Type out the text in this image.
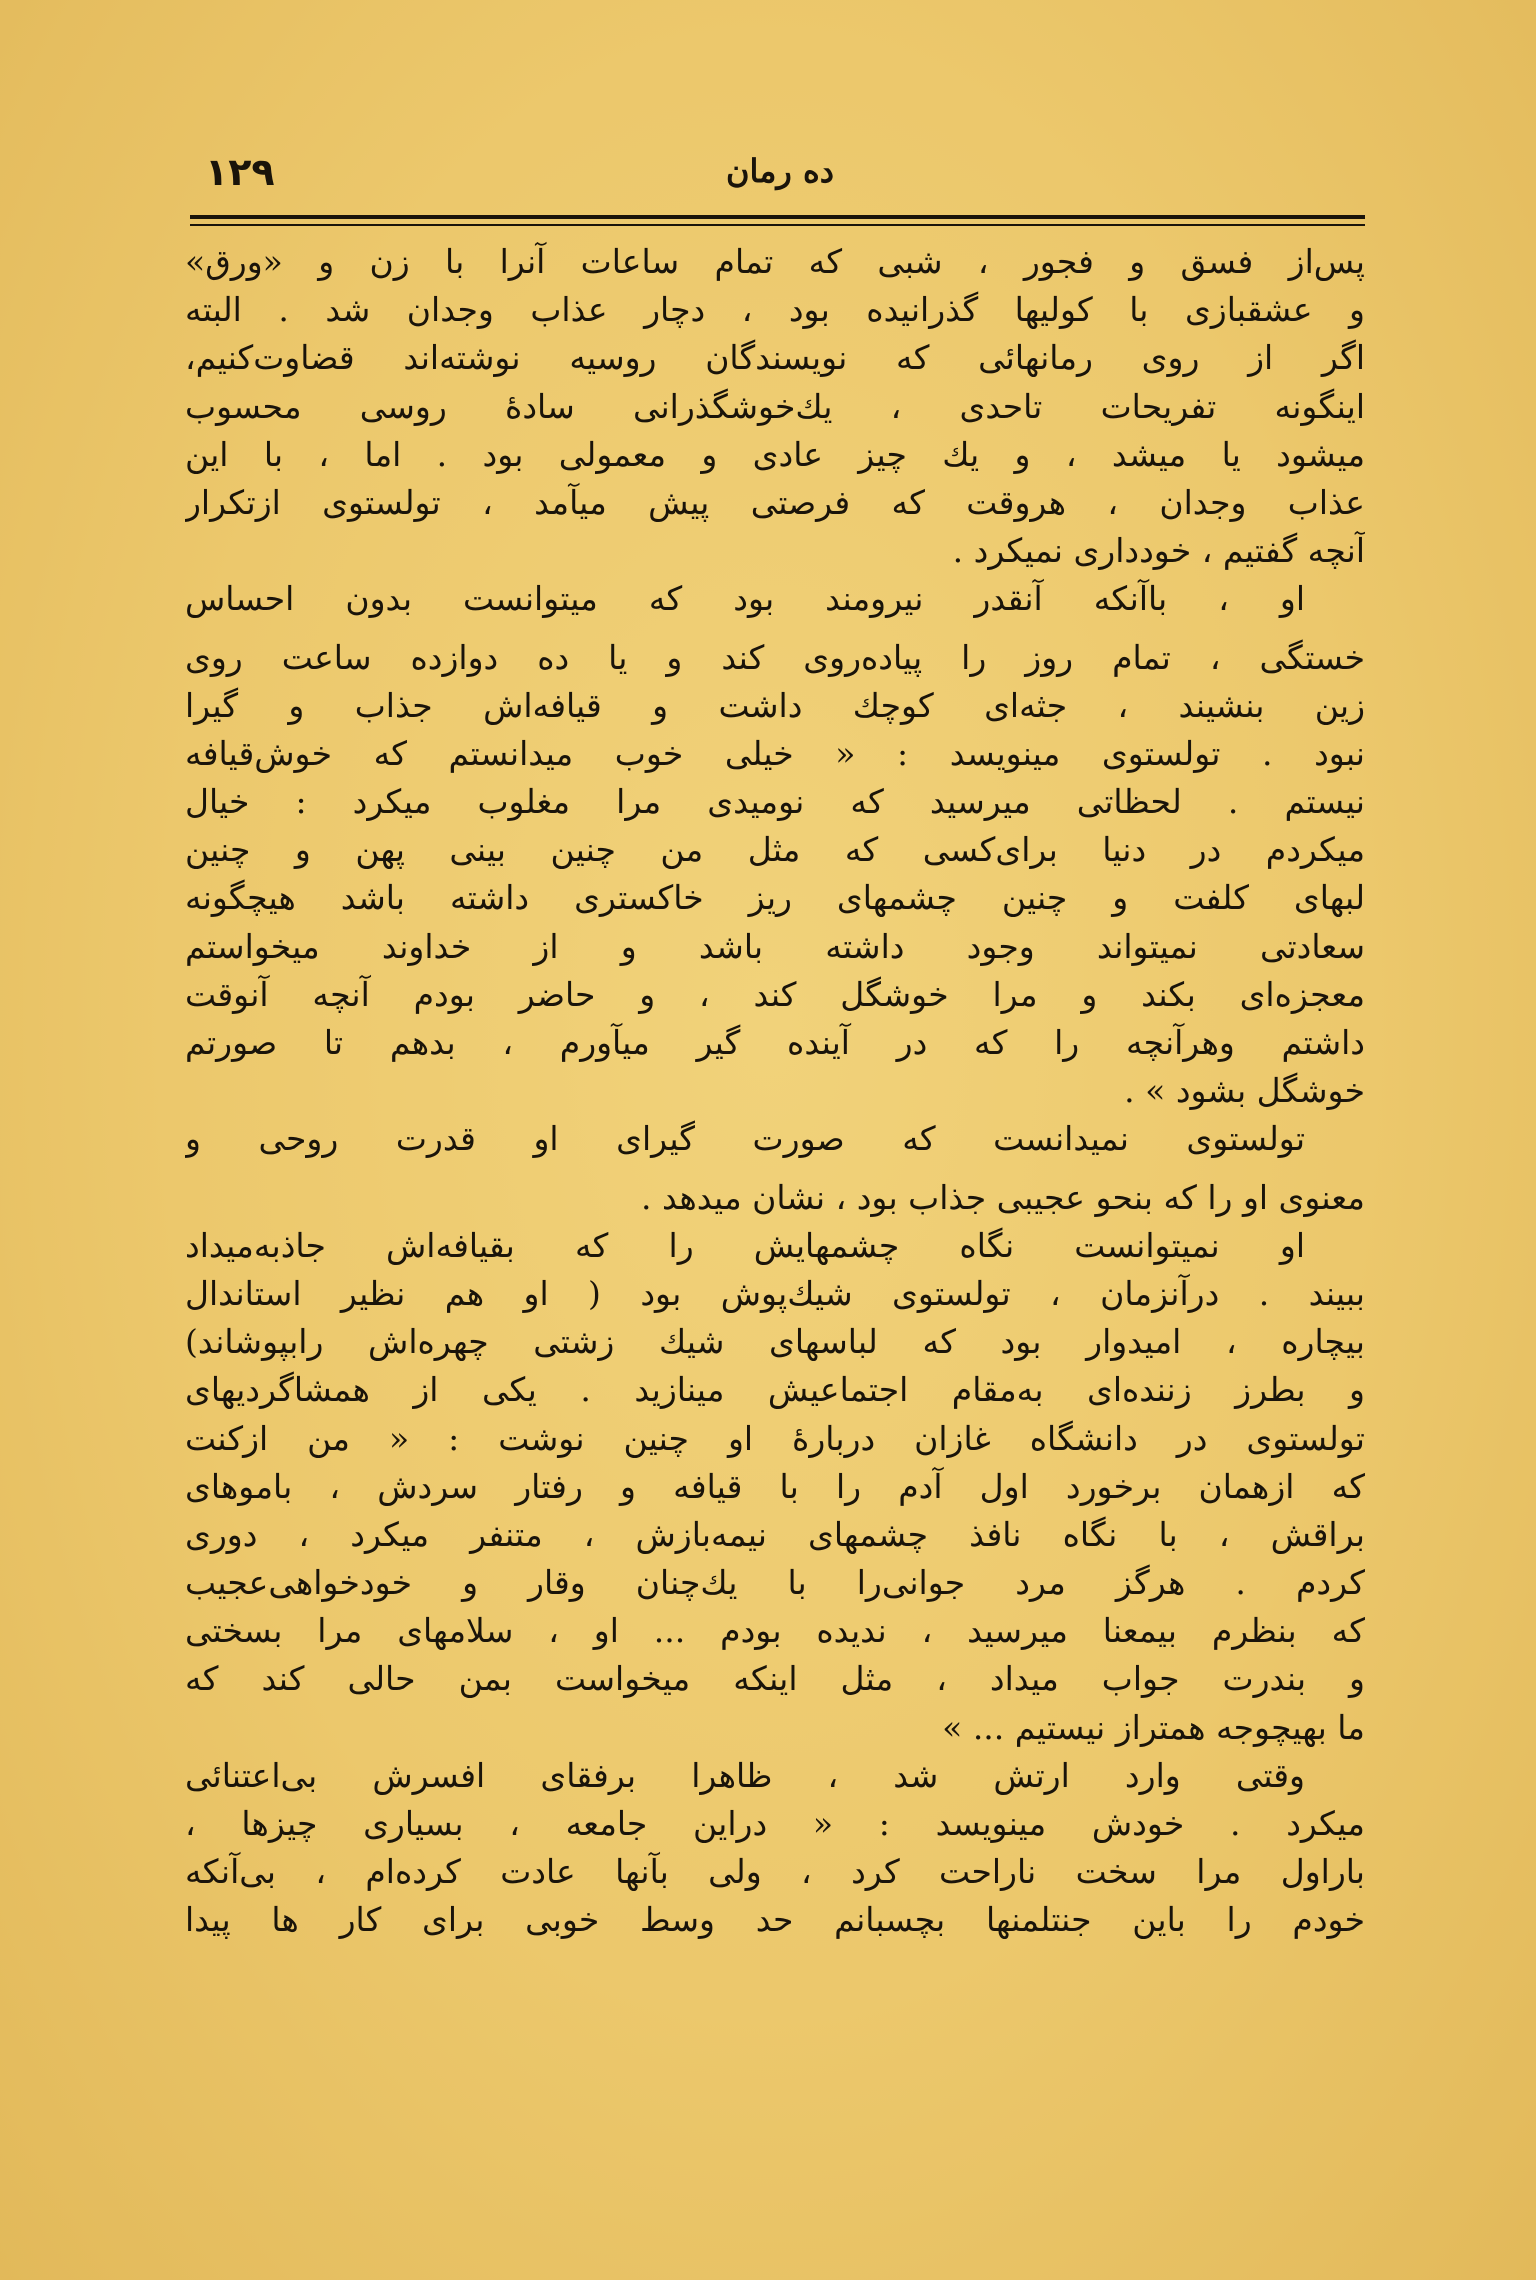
۱۲۹	ده رمان
پس‌از فسق و فجور ، شبی که تمام ساعات آنرا با زن و «ورق»
و عشقبازی با کولیها گذرانیده بود ، دچار عذاب وجدان شد . البته
اگر از روی رمانهائی که نویسندگان روسیه نوشته‌اند قضاوت‌کنیم،
اینگونه تفریحات تاحدی ، یك‌خوشگذرانی سادهٔ روسی محسوب
میشود یا میشد ، و یك چیز عادی و معمولی بود . اما ، با این
عذاب وجدان ، هروقت که فرصتی پیش میآمد ، تولستوی ازتکرار
آنچه گفتیم ، خودداری نمیکرد .
او ، باآنکه آنقدر نیرومند بود که میتوانست بدون احساس
خستگی ، تمام روز را پیاده‌روی کند و یا ده دوازده ساعت روی
زین بنشیند ، جثه‌ای کوچك داشت و قیافه‌اش جذاب و گیرا
نبود . تولستوی مینویسد : « خیلی خوب میدانستم که خوش‌قیافه
نیستم . لحظاتی میرسید که نومیدی مرا مغلوب میکرد : خیال
میکردم در دنیا برای‌کسی که مثل من چنین بینی پهن و چنین
لبهای کلفت و چنین چشمهای ریز خاکستری داشته باشد هیچگونه
سعادتی نمیتواند وجود داشته باشد و از خداوند میخواستم
معجزه‌ای بکند و مرا خوشگل کند ، و حاضر بودم آنچه آنوقت
داشتم وهرآنچه را که در آینده گیر میآورم ، بدهم تا صورتم
خوشگل بشود » .
تولستوی نمیدانست که صورت گیرای او قدرت روحی و
معنوی او را که بنحو عجیبی جذاب بود ، نشان میدهد .
او نمیتوانست نگاه چشمهایش را که بقیافه‌اش جاذبه‌میداد
ببیند . درآنزمان ، تولستوی شیك‌پوش بود ( او هم نظیر استاندال
بیچاره ، امیدوار بود که لباسهای شیك زشتی چهره‌اش رابپوشاند)
و بطرز زننده‌ای به‌مقام اجتماعیش مینازید . یکی از همشاگردیهای
تولستوی در دانشگاه غازان دربارهٔ او چنین نوشت : « من ازکنت
که ازهمان برخورد اول آدم را با قیافه و رفتار سردش ، باموهای
براقش ، با نگاه نافذ چشمهای نیمه‌بازش ، متنفر میکرد ، دوری
کردم . هرگز مرد جوانی‌را با یك‌چنان وقار و خودخواهی‌عجیب
که بنظرم بیمعنا میرسید ، ندیده بودم ... او ، سلامهای مرا بسختی
و بندرت جواب میداد ، مثل اینکه میخواست بمن حالی کند که
ما بهیچوجه همتراز نیستیم ... »
وقتی وارد ارتش شد ، ظاهرا برفقای افسرش بی‌اعتنائی
میکرد . خودش مینویسد : « دراین جامعه ، بسیاری چیزها ،
باراول مرا سخت ناراحت کرد ، ولی بآنها عادت کرده‌ام ، بی‌آنکه
خودم را باین جنتلمنها بچسبانم حد وسط خوبی برای کار ها پیدا
